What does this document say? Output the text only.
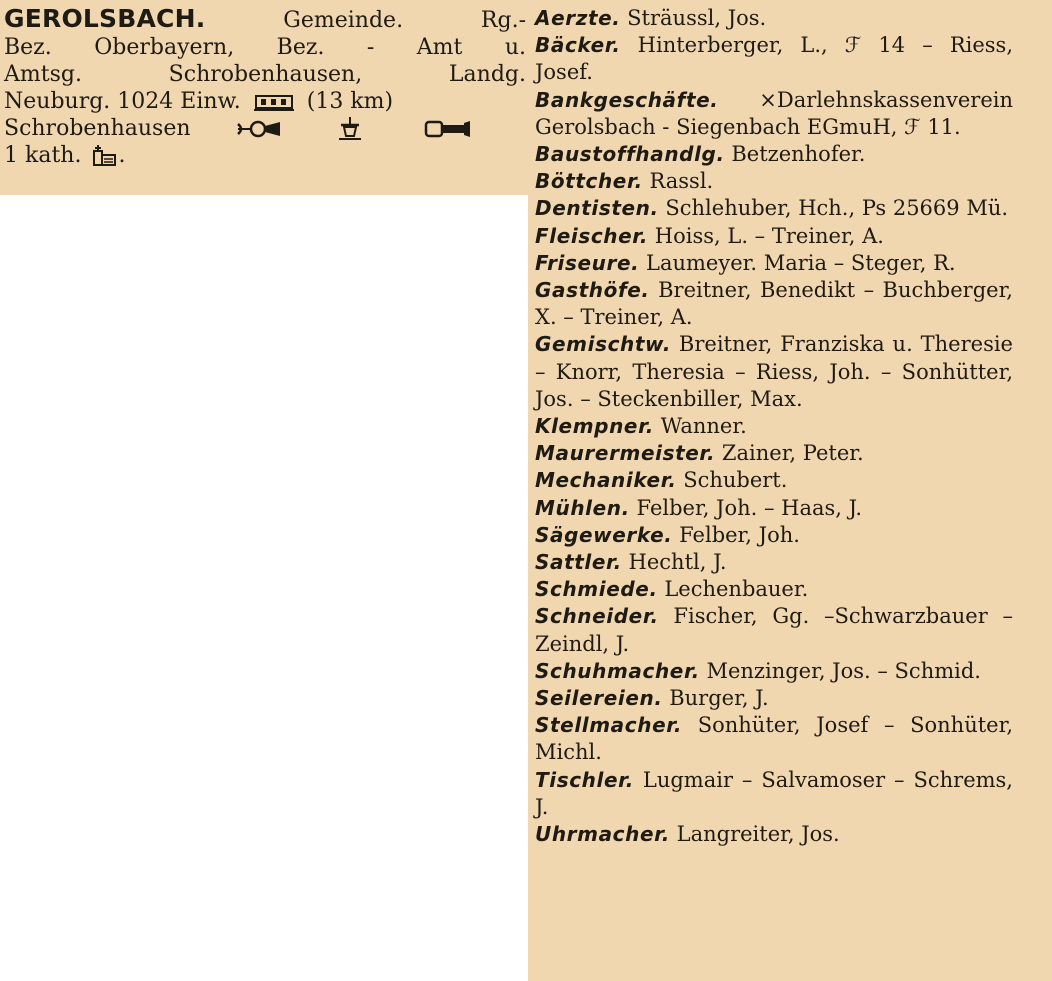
GEROLSBACH.	Gemeinde. Rg.-
Bez. Oberbayern, Bez. - Amt u.
Amtsg. Schrobenhausen, Landg.
Neuburg. 1024 Einw.	(13 km)
Schrobenhausen

1 kath. .
Aerzte. Sträussl, Jos.
Bäcker. Hinterberger, L., ℱ 14 – Riess, Josef.
Bankgeschäfte. ×Darlehnskassenverein Gerolsbach - Siegenbach EGmuH, ℱ 11.
Baustoffhandlg. Betzenhofer.
Böttcher. Rassl.
Dentisten. Schlehuber, Hch., Ps 25669 Mü.
Fleischer. Hoiss, L. – Treiner, A.
Friseure. Laumeyer. Maria – Steger, R.
Gasthöfe. Breitner, Benedikt – Buchberger, X. – Treiner, A.
Gemischtw. Breitner, Franziska u. Theresie – Knorr, Theresia – Riess, Joh. – Sonhütter, Jos. – Steckenbiller, Max.
Klempner. Wanner.
Maurermeister. Zainer, Peter.
Mechaniker. Schubert.
Mühlen. Felber, Joh. – Haas, J.
Sägewerke. Felber, Joh.
Sattler. Hechtl, J.
Schmiede. Lechenbauer.
Schneider. Fischer, Gg. –Schwarzbauer – Zeindl, J.
Schuhmacher. Menzinger, Jos. – Schmid.
Seilereien. Burger, J.
Stellmacher. Sonhüter, Josef – Sonhüter, Michl.
Tischler. Lugmair – Salvamoser – Schrems, J.
Uhrmacher. Langreiter, Jos.
